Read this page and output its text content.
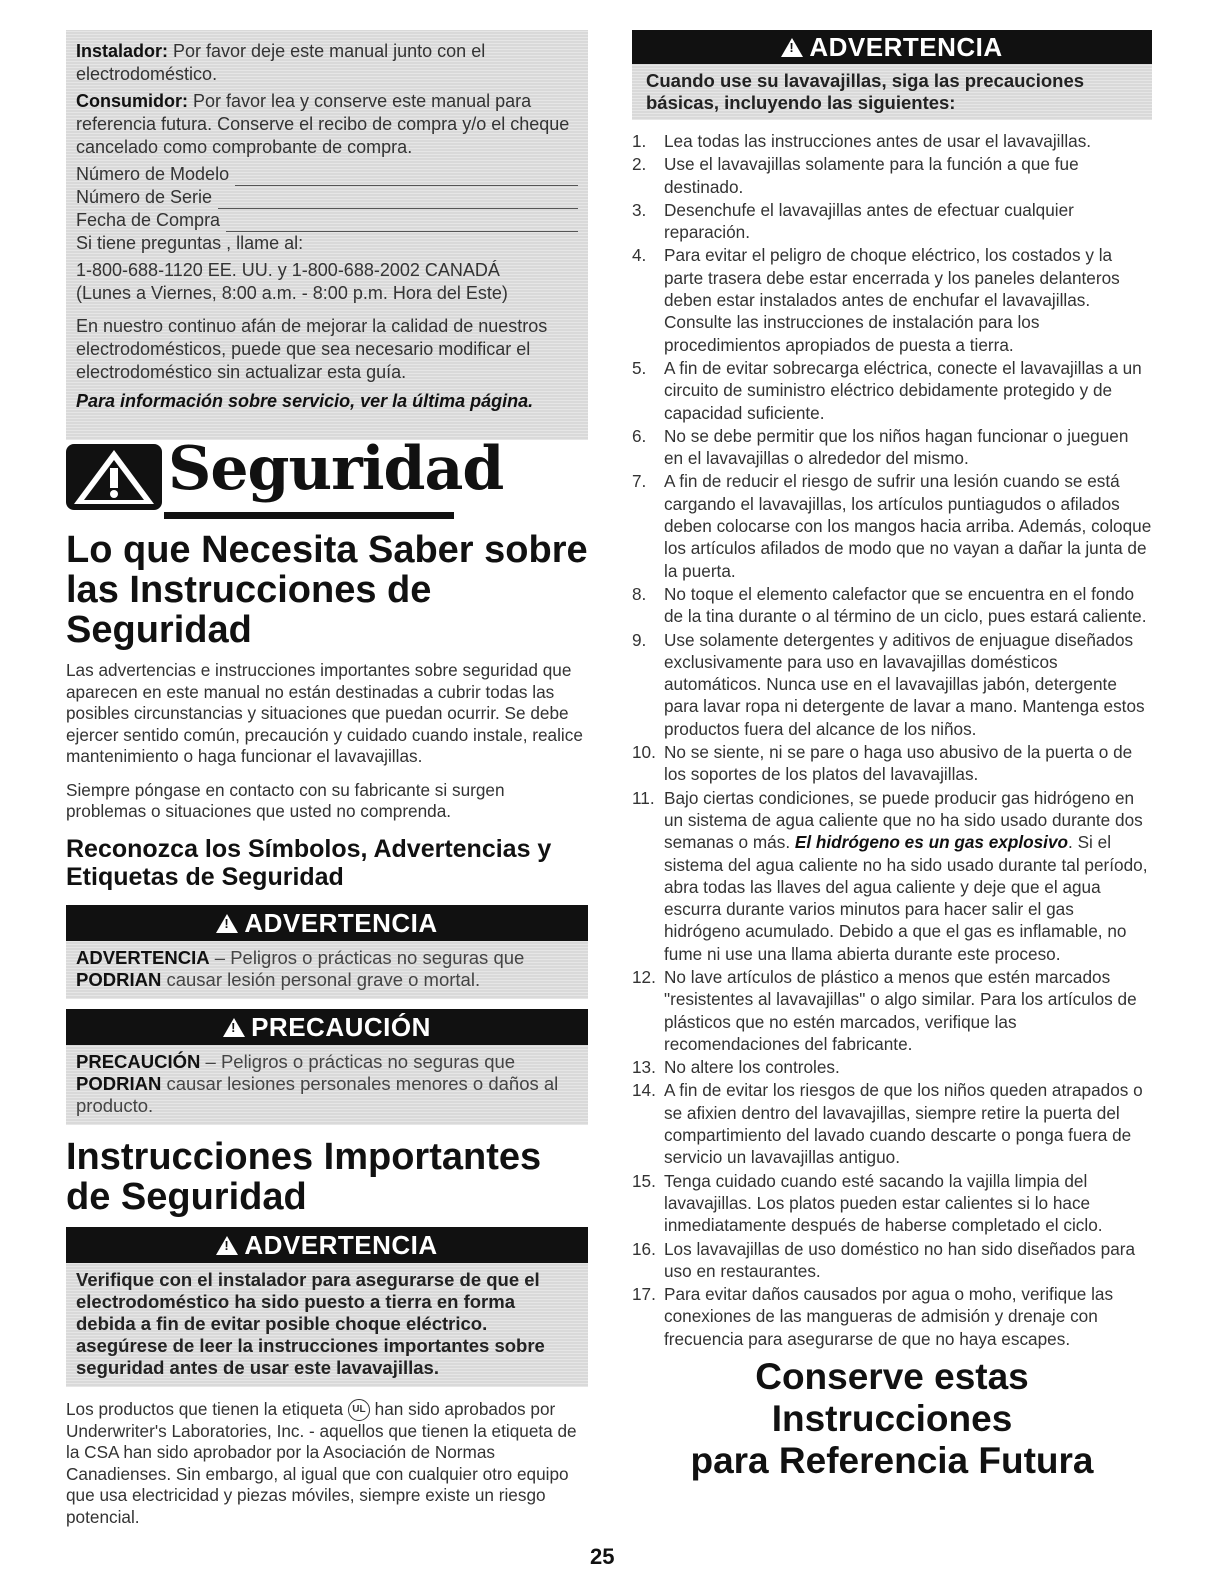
Instalador: Por favor deje este manual junto con el electrodoméstico.

Consumidor: Por favor lea y conserve este manual para referencia futura. Conserve el recibo de compra y/o el cheque cancelado como comprobante de compra.

Número de Modelo
Número de Serie
Fecha de Compra

Si tiene preguntas , llame al:

1-800-688-1120 EE. UU. y 1-800-688-2002 CANADÁ

(Lunes a Viernes, 8:00 a.m. - 8:00 p.m. Hora del Este)

En nuestro continuo afán de mejorar la calidad de nuestros electrodomésticos, puede que sea necesario modificar el electrodoméstico sin actualizar esta guía.

Para información sobre servicio, ver la última página.

Seguridad
Lo que Necesita Saber sobre las Instrucciones de Seguridad

Las advertencias e instrucciones importantes sobre seguridad que aparecen en este manual no están destinadas a cubrir todas las posibles circunstancias y situaciones que puedan ocurrir. Se debe ejercer sentido común, precaución y cuidado cuando instale, realice mantenimiento o haga funcionar el lavavajillas.

Siempre póngase en contacto con su fabricante si surgen problemas o situaciones que usted no comprenda.

Reconozca los Símbolos, Advertencias y Etiquetas de Seguridad
!ADVERTENCIA
ADVERTENCIA – Peligros o prácticas no seguras que PODRIAN causar lesión personal grave o mortal.
!PRECAUCIÓN
PRECAUCIÓN – Peligros o prácticas no seguras que PODRIAN causar lesiones personales menores o daños al producto.
Instrucciones Importantes de Seguridad
!ADVERTENCIA
Verifique con el instalador para asegurarse de que el electrodoméstico ha sido puesto a tierra en forma debida a fin de evitar posible choque eléctrico. asegúrese de leer la instrucciones importantes sobre seguridad antes de usar este lavavajillas.

Los productos que tienen la etiqueta UL han sido aprobados por Underwriter's Laboratories, Inc. - aquellos que tienen la etiqueta de la CSA han sido aprobador por la Asociación de Normas Canadienses. Sin embargo, al igual que con cualquier otro equipo que usa electricidad y piezas móviles, siempre existe un riesgo potencial.

!ADVERTENCIA
Cuando use su lavavajillas, siga las precauciones básicas, incluyendo las siguientes:
1.	Lea todas las instrucciones antes de usar el lavavajillas.
2.	Use el lavavajillas solamente para la función a que fue destinado.
3.	Desenchufe el lavavajillas antes de efectuar cualquier reparación.
4.	Para evitar el peligro de choque eléctrico, los costados y la parte trasera debe estar encerrada y los paneles delanteros deben estar instalados antes de enchufar el lavavajillas. Consulte las instrucciones de instalación para los procedimientos apropiados de puesta a tierra.
5.	A fin de evitar sobrecarga eléctrica, conecte el lavavajillas a un circuito de suministro eléctrico debidamente protegido y de capacidad suficiente.
6.	No se debe permitir que los niños hagan funcionar o jueguen en el lavavajillas o alrededor del mismo.
7.	A fin de reducir el riesgo de sufrir una lesión cuando se está cargando el lavavajillas, los artículos puntiagudos o afilados deben colocarse con los mangos hacia arriba. Además, coloque los artículos afilados de modo que no vayan a dañar la junta de la puerta.
8.	No toque el elemento calefactor que se encuentra en el fondo de la tina durante o al término de un ciclo, pues estará caliente.
9.	Use solamente detergentes y aditivos de enjuague diseñados exclusivamente para uso en lavavajillas domésticos automáticos. Nunca use en el lavavajillas jabón, detergente para lavar ropa ni detergente de lavar a mano. Mantenga estos productos fuera del alcance de los niños.
10. No se siente, ni se pare o haga uso abusivo de la puerta o de los soportes de los platos del lavavajillas.
11. Bajo ciertas condiciones, se puede producir gas hidrógeno en un sistema de agua caliente que no ha sido usado durante dos semanas o más. El hidrógeno es un gas explosivo. Si el sistema del agua caliente no ha sido usado durante tal período, abra todas las llaves del agua caliente y deje que el agua escurra durante varios minutos para hacer salir el gas hidrógeno acumulado. Debido a que el gas es inflamable, no fume ni use una llama abierta durante este proceso.
12. No lave artículos de plástico a menos que estén marcados "resistentes al lavavajillas" o algo similar. Para los artículos de plásticos que no estén marcados, verifique las recomendaciones del fabricante.
13. No altere los controles.
14. A fin de evitar los riesgos de que los niños queden atrapados o se afixien dentro del lavavajillas, siempre retire la puerta del compartimiento del lavado cuando descarte o ponga fuera de servicio un lavavajillas antiguo.
15. Tenga cuidado cuando esté sacando la vajilla limpia del lavavajillas. Los platos pueden estar calientes si lo hace inmediatamente después de haberse completado el ciclo.
16. Los lavavajillas de uso doméstico no han sido diseñados para uso en restaurantes.
17. Para evitar daños causados por agua o moho, verifique las conexiones de las mangueras de admisión y drenaje con frecuencia para asegurarse de que no haya escapes.
Conserve estas Instrucciones
para Referencia Futura
25
